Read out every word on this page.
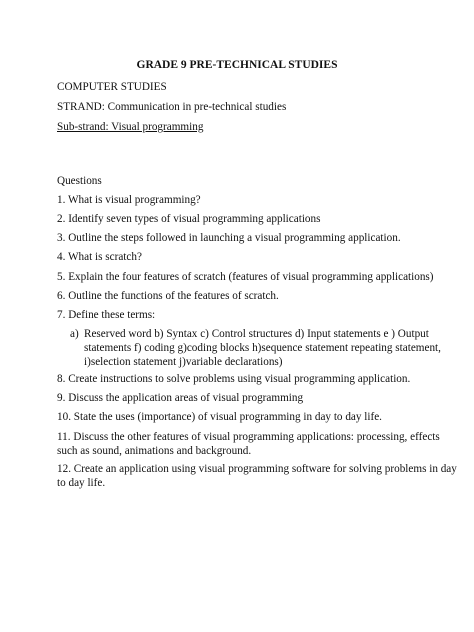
GRADE 9 PRE-TECHNICAL STUDIES
COMPUTER STUDIES
STRAND: Communication in pre-technical studies
Sub-strand: Visual programming
Questions
1. What is visual programming?
2. Identify seven types of visual programming applications
3. Outline the steps followed in launching a visual programming application.
4. What is scratch?
5. Explain the four features of scratch (features of visual programming applications)
6. Outline the functions of the features of scratch.
7. Define these terms:
a) Reserved word b) Syntax c) Control structures d) Input statements e ) Output
statements f) coding g)coding blocks h)sequence statement repeating statement,
i)selection statement j)variable declarations)
8. Create instructions to solve problems using visual programming application.
9. Discuss the application areas of visual programming
10. State the uses (importance) of visual programming in day to day life.
11. Discuss the other features of visual programming applications: processing, effects
such as sound, animations and background.
12. Create an application using visual programming software for solving problems in day
to day life.
